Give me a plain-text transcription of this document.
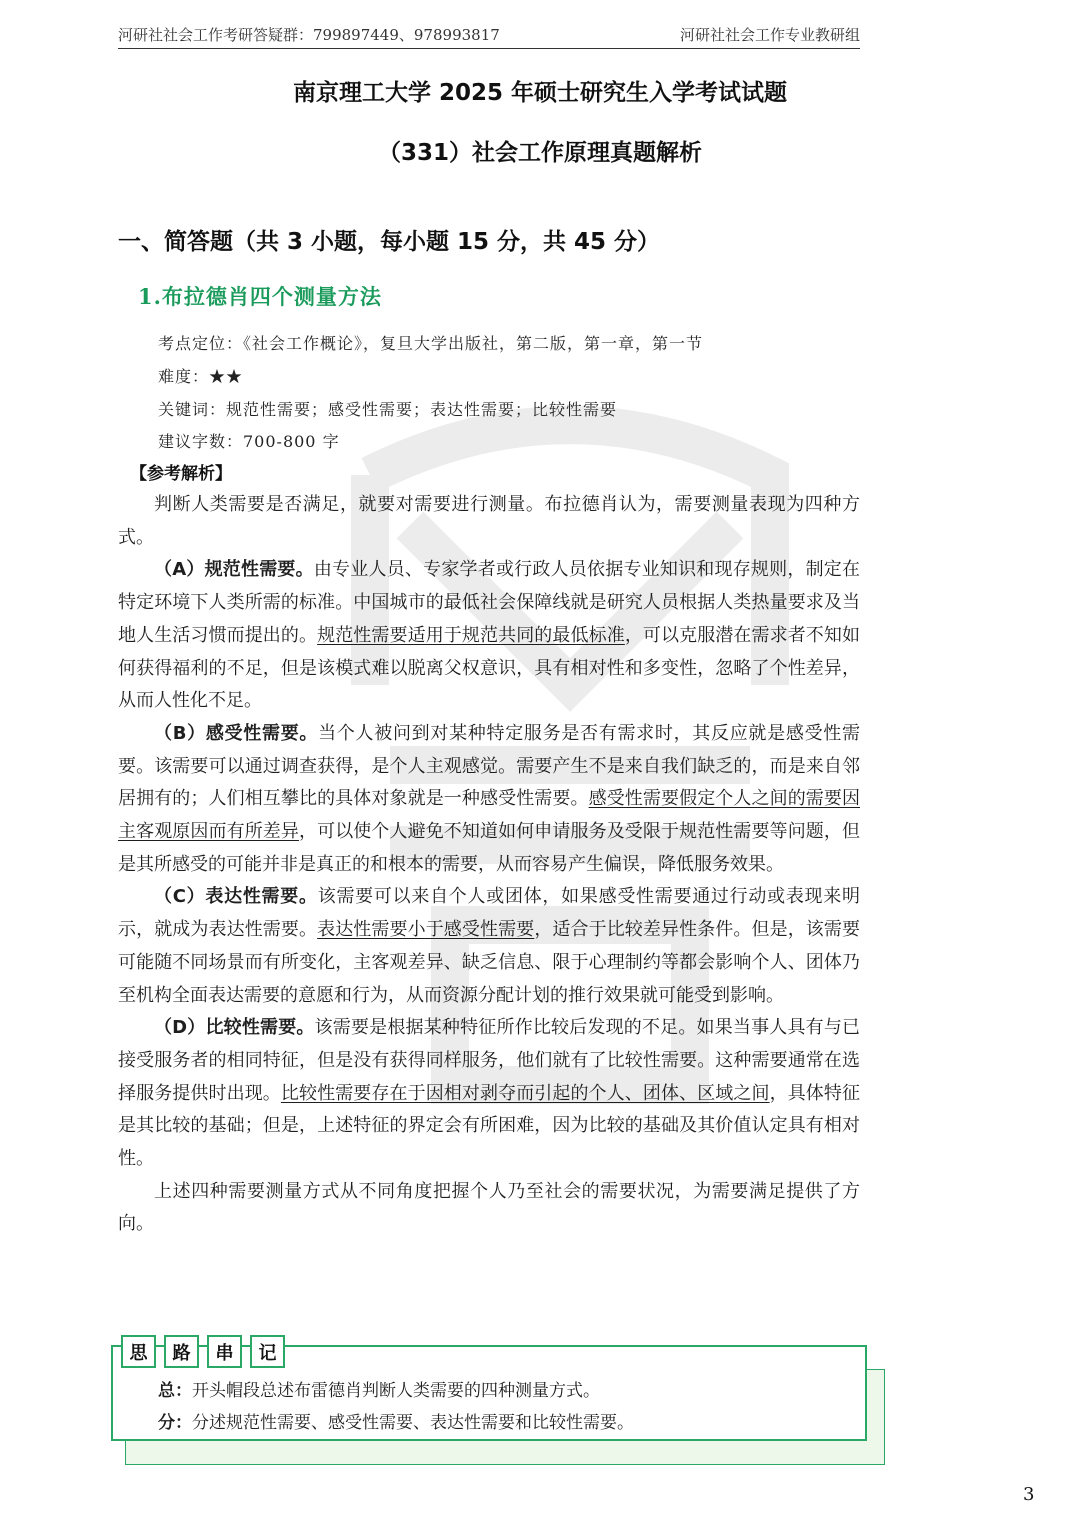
河研社社会工作考研答疑群：799897449、978993817	河研社社会工作专业教研组
南京理工大学 2025 年硕士研究生入学考试试题
（331）社会工作原理真题解析
一、简答题（共 3 小题，每小题 15 分，共 45 分）
1.布拉德肖四个测量方法
考点定位：《社会工作概论》，复旦大学出版社，第二版，第一章，第一节
难度：★★
关键词：规范性需要；感受性需要；表达性需要；比较性需要
建议字数：700-800 字
【参考解析】

判断人类需要是否满足，就要对需要进行测量。布拉德肖认为，需要测量表现为四种方式。

（A）规范性需要。由专业人员、专家学者或行政人员依据专业知识和现存规则，制定在特定环境下人类所需的标准。中国城市的最低社会保障线就是研究人员根据人类热量要求及当地人生活习惯而提出的。规范性需要适用于规范共同的最低标准，可以克服潜在需求者不知如何获得福利的不足，但是该模式难以脱离父权意识，具有相对性和多变性，忽略了个性差异，从而人性化不足。

（B）感受性需要。当个人被问到对某种特定服务是否有需求时，其反应就是感受性需要。该需要可以通过调查获得，是个人主观感觉。需要产生不是来自我们缺乏的，而是来自邻居拥有的；人们相互攀比的具体对象就是一种感受性需要。感受性需要假定个人之间的需要因主客观原因而有所差异，可以使个人避免不知道如何申请服务及受限于规范性需要等问题，但是其所感受的可能并非是真正的和根本的需要，从而容易产生偏误，降低服务效果。

（C）表达性需要。该需要可以来自个人或团体，如果感受性需要通过行动或表现来明示，就成为表达性需要。表达性需要小于感受性需要，适合于比较差异性条件。但是，该需要可能随不同场景而有所变化，主客观差异、缺乏信息、限于心理制约等都会影响个人、团体乃至机构全面表达需要的意愿和行为，从而资源分配计划的推行效果就可能受到影响。

（D）比较性需要。该需要是根据某种特征所作比较后发现的不足。如果当事人具有与已接受服务者的相同特征，但是没有获得同样服务，他们就有了比较性需要。这种需要通常在选择服务提供时出现。比较性需要存在于因相对剥夺而引起的个人、团体、区域之间，具体特征是其比较的基础；但是，上述特征的界定会有所困难，因为比较的基础及其价值认定具有相对性。

上述四种需要测量方式从不同角度把握个人乃至社会的需要状况，为需要满足提供了方向。

思	路	串	记
总：开头帽段总述布雷德肖判断人类需要的四种测量方式。
分：分述规范性需要、感受性需要、表达性需要和比较性需要。
3
